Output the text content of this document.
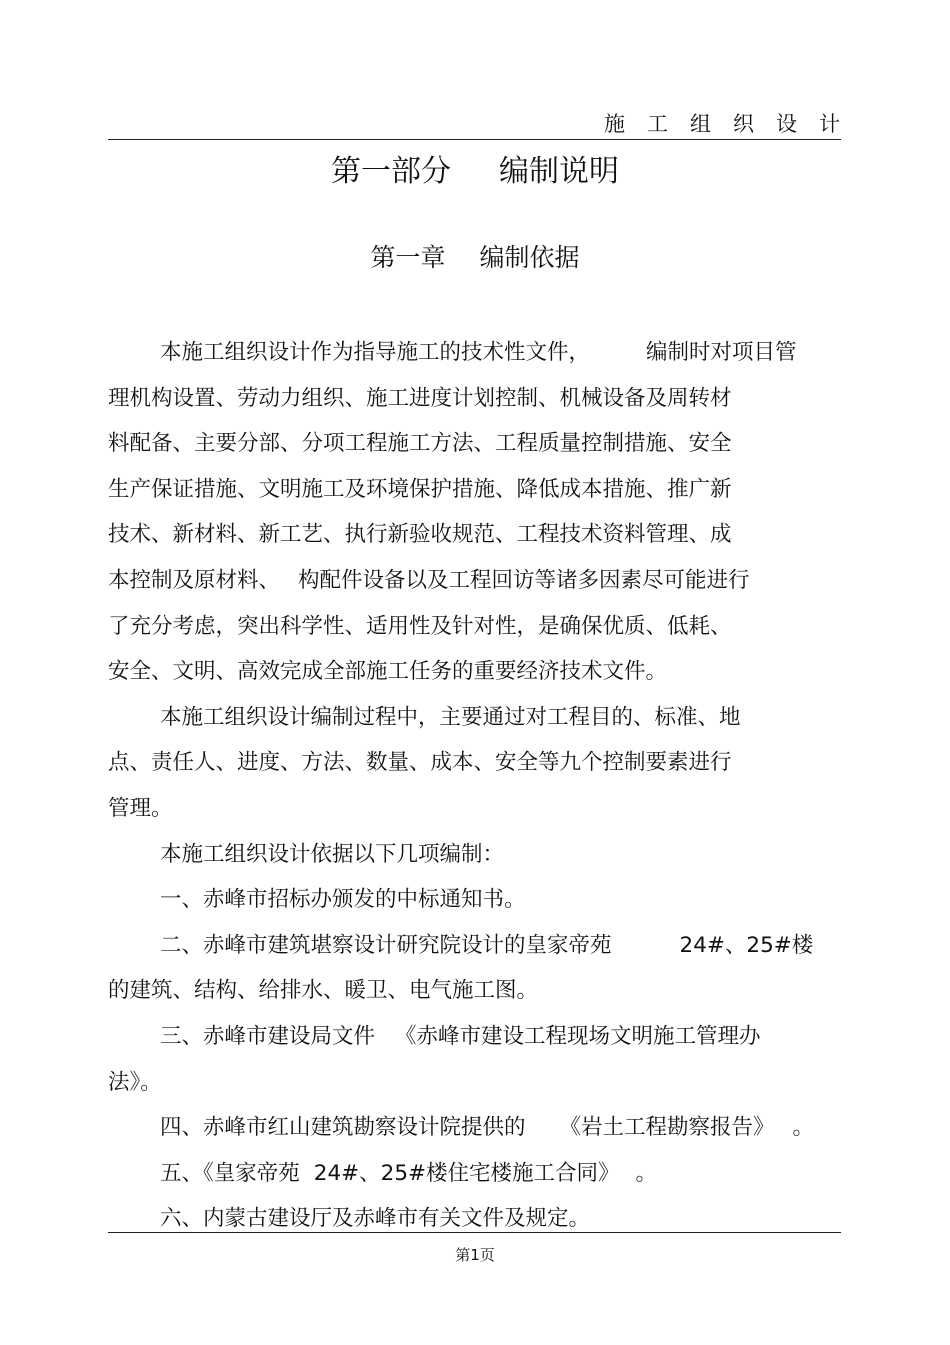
施工组织设计
第一部分 编制说明
第一章 编制依据
本施工组织设计作为指导施工的技术性文件，	编制时对项目管
理机构设置、劳动力组织、施工进度计划控制、机械设备及周转材
料配备、主要分部、分项工程施工方法、工程质量控制措施、安全
生产保证措施、文明施工及环境保护措施、降低成本措施、推广新
技术、新材料、新工艺、执行新验收规范、工程技术资料管理、成
本控制及原材料、 构配件设备以及工程回访等诸多因素尽可能进行
了充分考虑，突出科学性、适用性及针对性，是确保优质、低耗、
安全、文明、高效完成全部施工任务的重要经济技术文件。
本施工组织设计编制过程中，主要通过对工程目的、标准、地
点、责任人、进度、方法、数量、成本、安全等九个控制要素进行
管理。
本施工组织设计依据以下几项编制：
一、赤峰市招标办颁发的中标通知书。
二、赤峰市建筑堪察设计研究院设计的皇家帝苑	24#、25#楼
的建筑、结构、给排水、暖卫、电气施工图。
三、赤峰市建设局文件 《赤峰市建设工程现场文明施工管理办
法》。
四、赤峰市红山建筑勘察设计院提供的 《岩土工程勘察报告》 。
五、《皇家帝苑 24#、25#楼住宅楼施工合同》 。
六、内蒙古建设厅及赤峰市有关文件及规定。
第1页
